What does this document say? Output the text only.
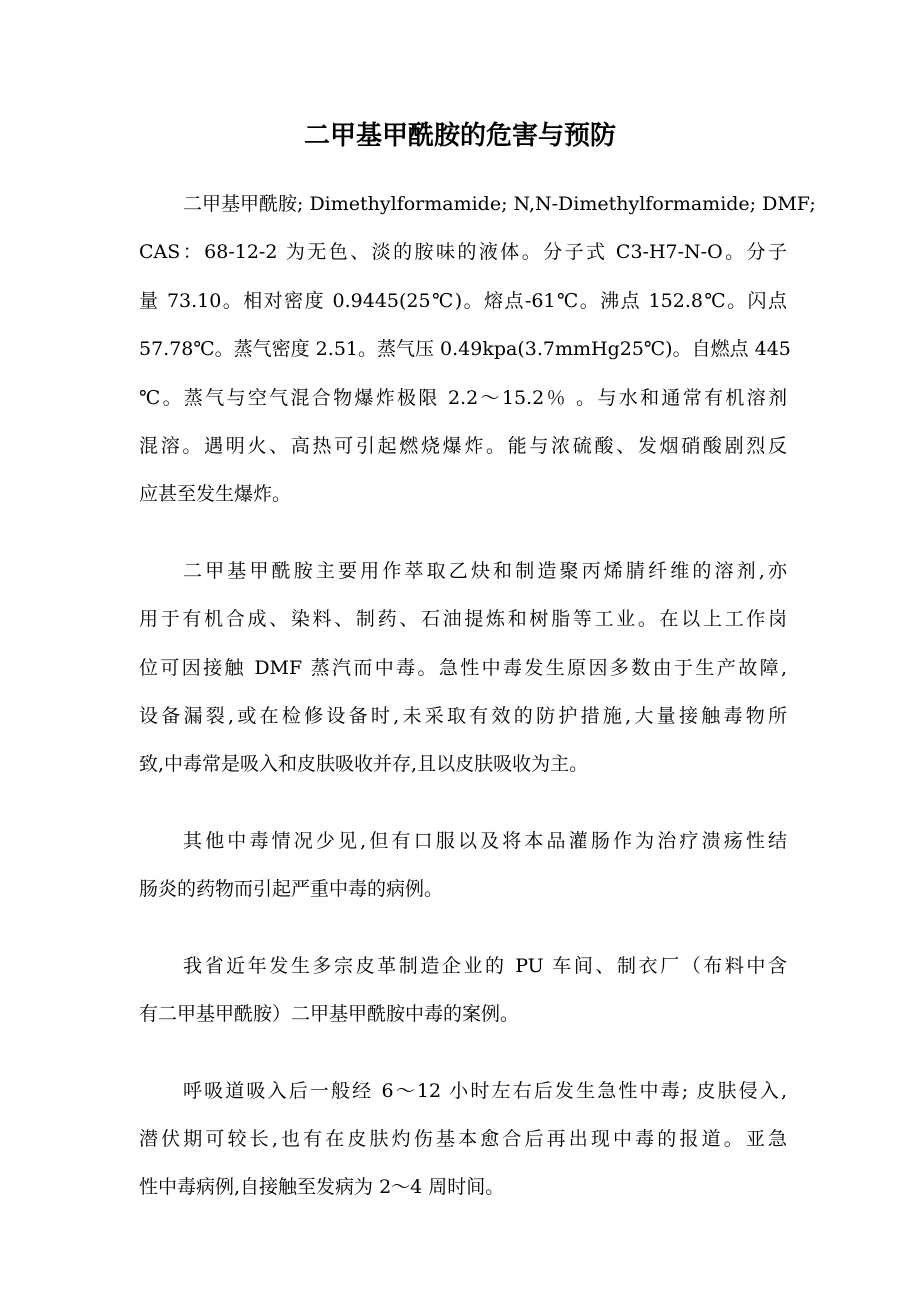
二甲基甲酰胺的危害与预防

二甲基甲酰胺; Dimethylformamide; N,N-Dimethylformamide; DMF;
CAS：68-12-2 为无色、淡的胺味的液体。分子式 C3-H7-N-O。分子
量 73.10。相对密度 0.9445(25℃)。熔点-61℃。沸点 152.8℃。闪点
57.78℃。蒸气密度 2.51。蒸气压 0.49kpa(3.7mmHg25℃)。自燃点 445
℃。蒸气与空气混合物爆炸极限 2.2～15.2％ 。与水和通常有机溶剂
混溶。遇明火、高热可引起燃烧爆炸。能与浓硫酸、发烟硝酸剧烈反
应甚至发生爆炸。

二甲基甲酰胺主要用作萃取乙炔和制造聚丙烯腈纤维的溶剂,亦
用于有机合成、染料、制药、石油提炼和树脂等工业。在以上工作岗
位可因接触 DMF 蒸汽而中毒。急性中毒发生原因多数由于生产故障,
设备漏裂,或在检修设备时,未采取有效的防护措施,大量接触毒物所
致,中毒常是吸入和皮肤吸收并存,且以皮肤吸收为主。

其他中毒情况少见,但有口服以及将本品灌肠作为治疗溃疡性结
肠炎的药物而引起严重中毒的病例。

我省近年发生多宗皮革制造企业的 PU 车间、制衣厂（布料中含
有二甲基甲酰胺）二甲基甲酰胺中毒的案例。

呼吸道吸入后一般经 6～12 小时左右后发生急性中毒; 皮肤侵入,
潜伏期可较长,也有在皮肤灼伤基本愈合后再出现中毒的报道。亚急
性中毒病例,自接触至发病为 2～4 周时间。
